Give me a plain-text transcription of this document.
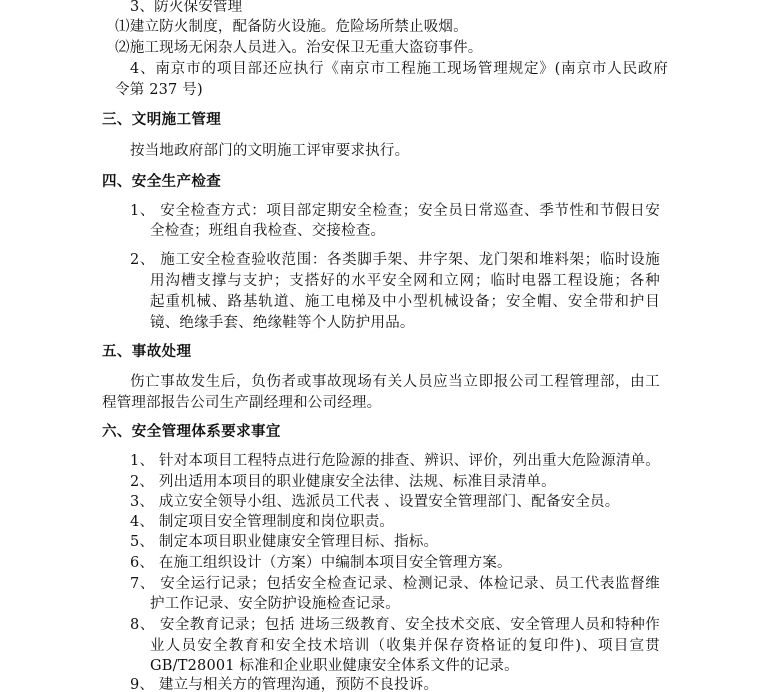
3、防火保安管理
⑴建立防火制度，配备防火设施。危险场所禁止吸烟。
⑵施工现场无闲杂人员进入。治安保卫无重大盗窃事件。
4、南京市的项目部还应执行《南京市工程施工现场管理规定》(南京市人民政府
令第 237 号)
三、文明施工管理
按当地政府部门的文明施工评审要求执行。
四、安全生产检查
1、 安全检查方式：项目部定期安全检查；安全员日常巡查、季节性和节假日安
全检查；班组自我检查、交接检查。
2、 施工安全检查验收范围：各类脚手架、井字架、龙门架和堆料架；临时设施
用沟槽支撑与支护；支搭好的水平安全网和立网；临时电器工程设施；各种
起重机械、路基轨道、施工电梯及中小型机械设备；安全帽、安全带和护目
镜、绝缘手套、绝缘鞋等个人防护用品。
五、事故处理
伤亡事故发生后，负伤者或事故现场有关人员应当立即报公司工程管理部，由工
程管理部报告公司生产副经理和公司经理。
六、安全管理体系要求事宜
1、 针对本项目工程特点进行危险源的排查、辨识、评价，列出重大危险源清单。
2、 列出适用本项目的职业健康安全法律、法规、标准目录清单。
3、 成立安全领导小组、选派员工代表 、设置安全管理部门、配备安全员。
4、 制定项目安全管理制度和岗位职责。
5、 制定本项目职业健康安全管理目标、指标。
6、 在施工组织设计（方案）中编制本项目安全管理方案。
7、 安全运行记录；包括安全检查记录、检测记录、体检记录、员工代表监督维
护工作记录、安全防护设施检查记录。
8、 安全教育记录；包括 进场三级教育、安全技术交底、安全管理人员和特种作
业人员安全教育和安全技术培训（收集并保存资格证的复印件)、项目宣贯
GB/T28001 标准和企业职业健康安全体系文件的记录。
9、 建立与相关方的管理沟通，预防不良投诉。
